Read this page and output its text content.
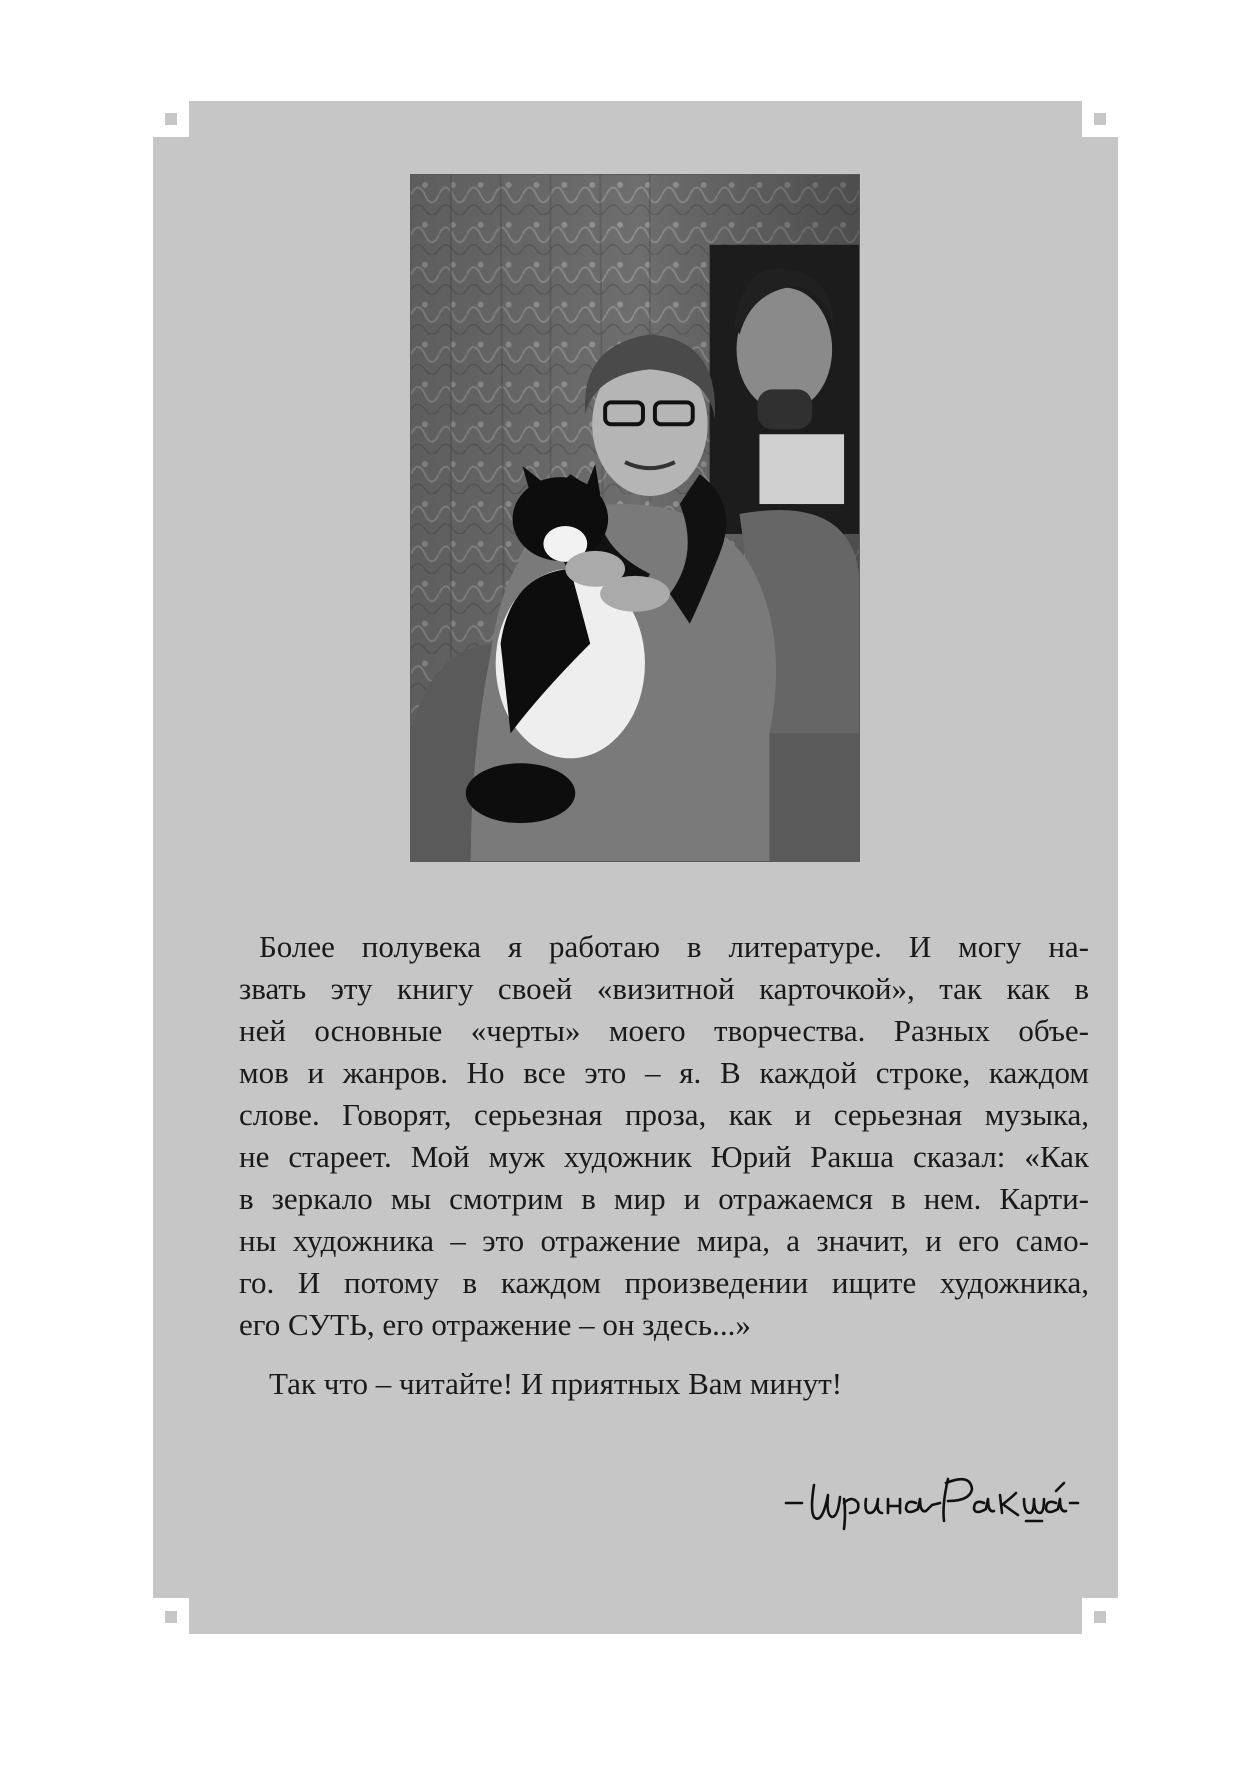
Более полувека я работаю в литературе. И могу на-
звать эту книгу своей «визитной карточкой», так как в
ней основные «черты» моего творчества. Разных объе-
мов и жанров. Но все это – я. В каждой строке, каждом
слове. Говорят, серьезная проза, как и серьезная музыка,
не стареет. Мой муж художник Юрий Ракша сказал: «Как
в зеркало мы смотрим в мир и отражаемся в нем. Карти-
ны художника – это отражение мира, а значит, и его само-
го. И потому в каждом произведении ищите художника,
его СУТЬ, его отражение – он здесь...»
Так что – читайте! И приятных Вам минут!
